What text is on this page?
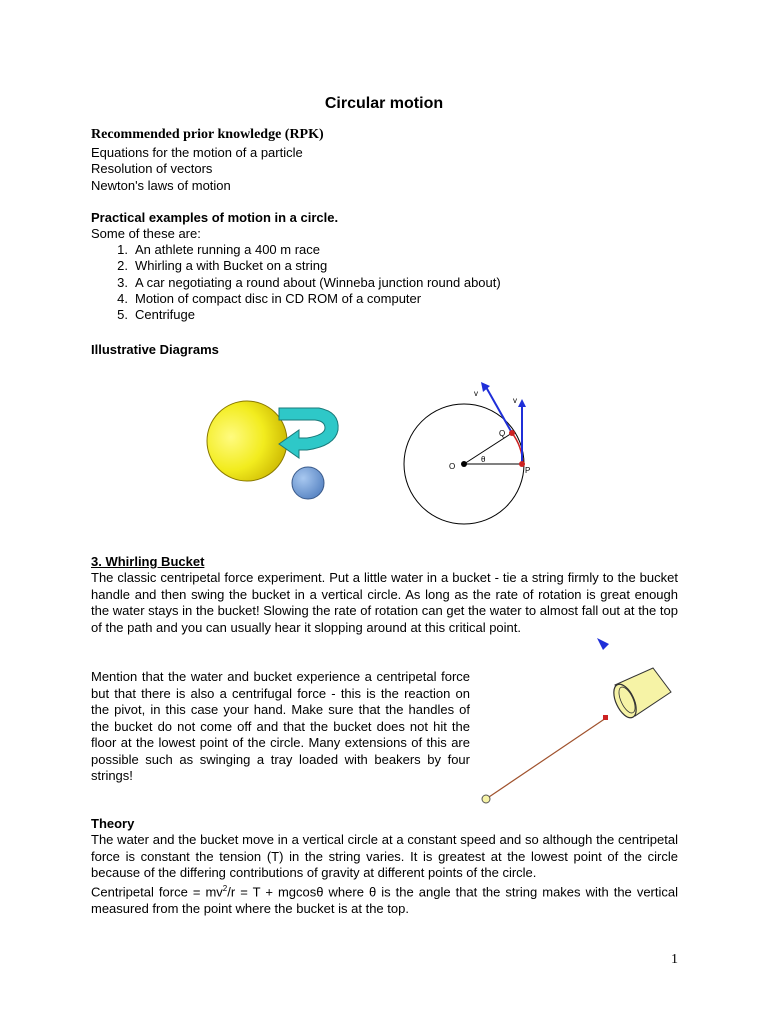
Circular motion
Recommended prior knowledge (RPK)
Equations for the motion of a particle
Resolution of vectors
Newton's laws of motion
Practical examples of motion in a circle.
Some of these are:
1. An athlete running a 400 m race
2. Whirling a with Bucket on a string
3. A car negotiating a round about (Winneba junction round about)
4. Motion of compact disc in CD ROM of a computer
5. Centrifuge
Illustrative Diagrams
v
v
Q
O
θ
P
3. Whirling Bucket
The classic centripetal force experiment. Put a little water in a bucket - tie a string firmly to the bucket handle and then swing the bucket in a vertical circle. As long as the rate of rotation is great enough the water stays in the bucket! Slowing the rate of rotation can get the water to almost fall out at the top of the path and you can usually hear it slopping around at this critical point.
Mention that the water and bucket experience a centripetal force but that there is also a centrifugal force - this is the reaction on the pivot, in this case your hand. Make sure that the handles of the bucket do not come off and that the bucket does not hit the floor at the lowest point of the circle. Many extensions of this are possible such as swinging a tray loaded with beakers by four strings!
Theory
The water and the bucket move in a vertical circle at a constant speed and so although the centripetal force is constant the tension (T) in the string varies. It is greatest at the lowest point of the circle because of the differing contributions of gravity at different points of the circle.
Centripetal force = $mv^2/r = T + mgcos\theta$ where θ is the angle that the string makes with the vertical measured from the point where the bucket is at the top.
1
